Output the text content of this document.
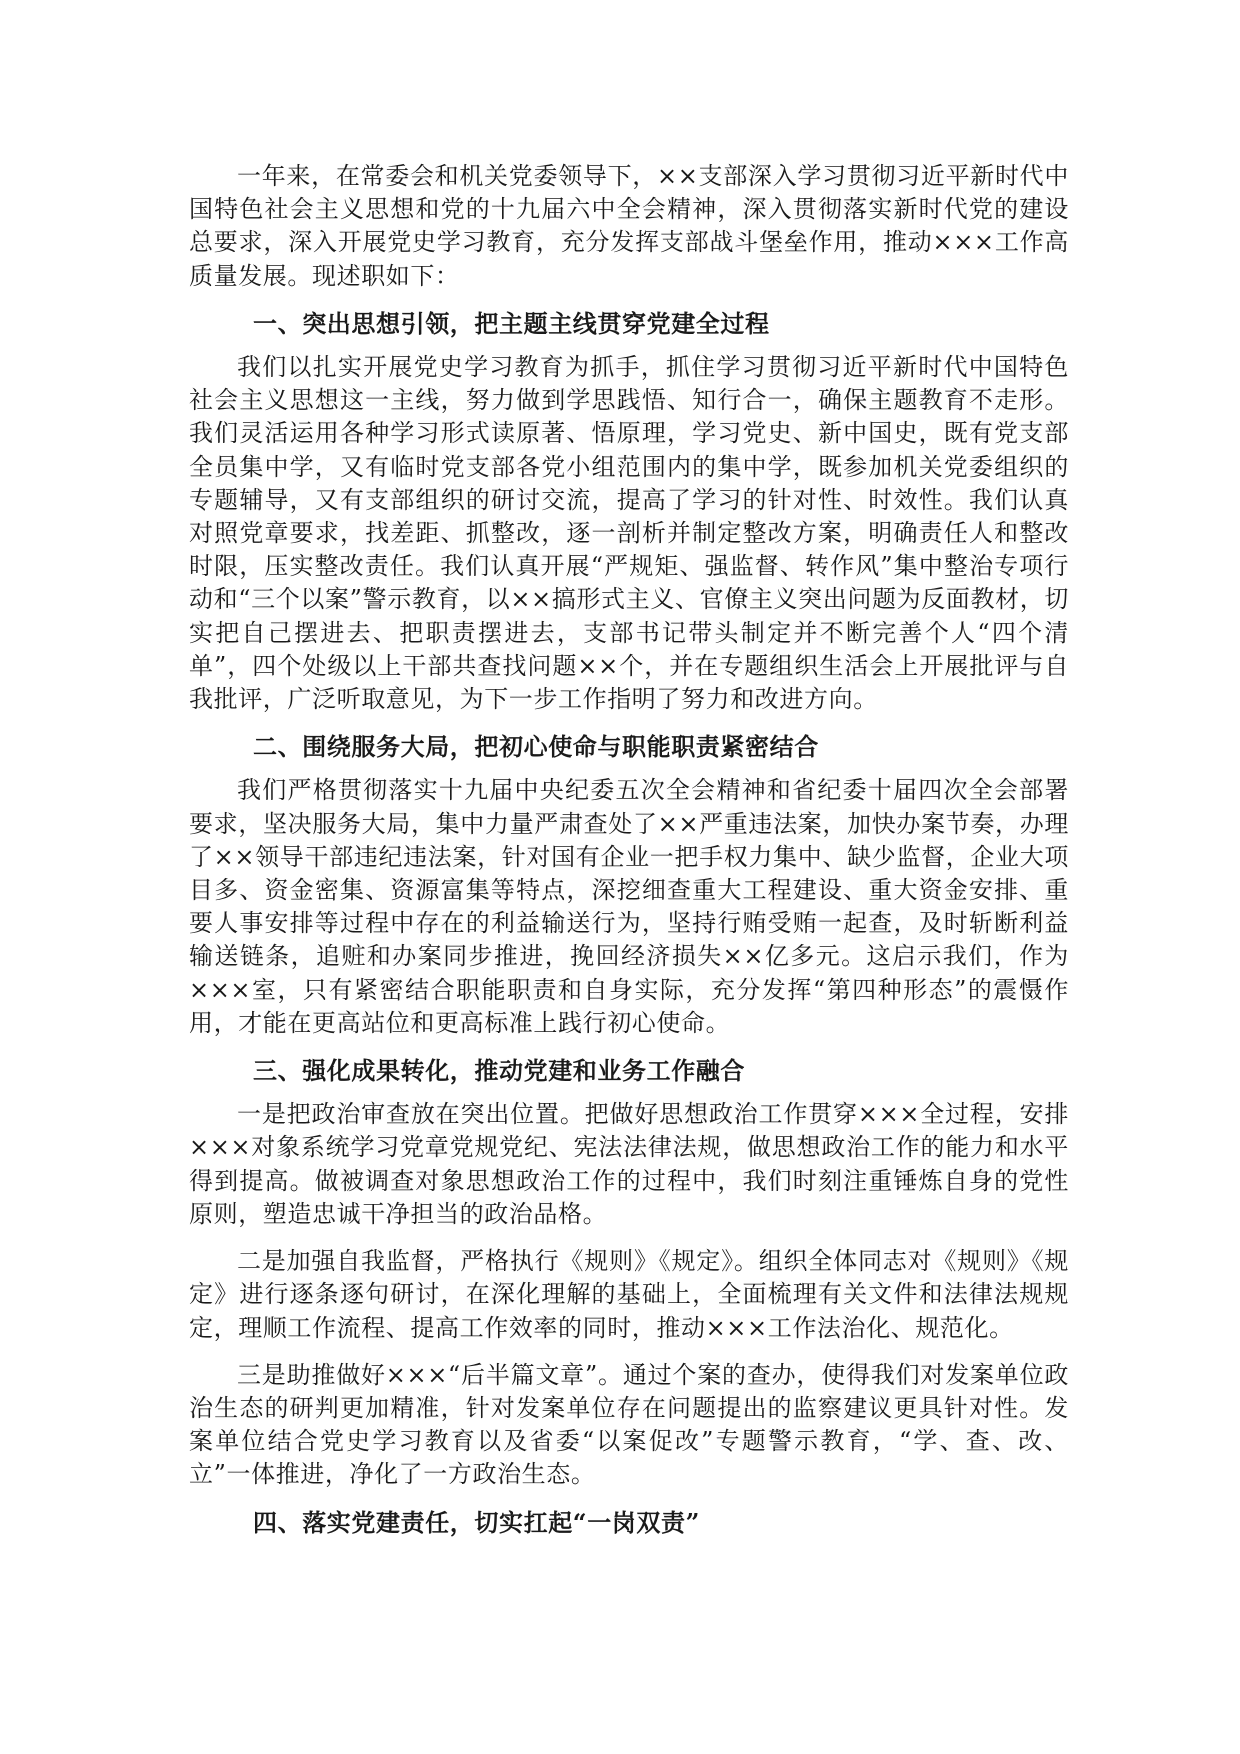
一年来，在常委会和机关党委领导下，××支部深入学习贯彻习近平新时代中国特色社会主义思想和党的十九届六中全会精神，深入贯彻落实新时代党的建设总要求，深入开展党史学习教育，充分发挥支部战斗堡垒作用，推动×××工作高质量发展。现述职如下：

一、突出思想引领，把主题主线贯穿党建全过程

我们以扎实开展党史学习教育为抓手，抓住学习贯彻习近平新时代中国特色社会主义思想这一主线，努力做到学思践悟、知行合一，确保主题教育不走形。我们灵活运用各种学习形式读原著、悟原理，学习党史、新中国史，既有党支部全员集中学，又有临时党支部各党小组范围内的集中学，既参加机关党委组织的专题辅导，又有支部组织的研讨交流，提高了学习的针对性、时效性。我们认真对照党章要求，找差距、抓整改，逐一剖析并制定整改方案，明确责任人和整改时限，压实整改责任。我们认真开展“严规矩、强监督、转作风”集中整治专项行动和“三个以案”警示教育，以××搞形式主义、官僚主义突出问题为反面教材，切实把自己摆进去、把职责摆进去，支部书记带头制定并不断完善个人“四个清单”，四个处级以上干部共查找问题××个，并在专题组织生活会上开展批评与自我批评，广泛听取意见，为下一步工作指明了努力和改进方向。

二、围绕服务大局，把初心使命与职能职责紧密结合

我们严格贯彻落实十九届中央纪委五次全会精神和省纪委十届四次全会部署要求，坚决服务大局，集中力量严肃查处了××严重违法案，加快办案节奏，办理了××领导干部违纪违法案，针对国有企业一把手权力集中、缺少监督，企业大项目多、资金密集、资源富集等特点，深挖细查重大工程建设、重大资金安排、重要人事安排等过程中存在的利益输送行为，坚持行贿受贿一起查，及时斩断利益输送链条，追赃和办案同步推进，挽回经济损失××亿多元。这启示我们，作为×××室，只有紧密结合职能职责和自身实际，充分发挥“第四种形态”的震慑作用，才能在更高站位和更高标准上践行初心使命。

三、强化成果转化，推动党建和业务工作融合

一是把政治审查放在突出位置。把做好思想政治工作贯穿×××全过程，安排×××对象系统学习党章党规党纪、宪法法律法规，做思想政治工作的能力和水平得到提高。做被调查对象思想政治工作的过程中，我们时刻注重锤炼自身的党性原则，塑造忠诚干净担当的政治品格。

二是加强自我监督，严格执行《规则》《规定》。组织全体同志对《规则》《规定》进行逐条逐句研讨，在深化理解的基础上，全面梳理有关文件和法律法规规定，理顺工作流程、提高工作效率的同时，推动×××工作法治化、规范化。

三是助推做好×××“后半篇文章”。通过个案的查办，使得我们对发案单位政治生态的研判更加精准，针对发案单位存在问题提出的监察建议更具针对性。发案单位结合党史学习教育以及省委“以案促改”专题警示教育，“学、查、改、立”一体推进，净化了一方政治生态。

四、落实党建责任，切实扛起“一岗双责”
